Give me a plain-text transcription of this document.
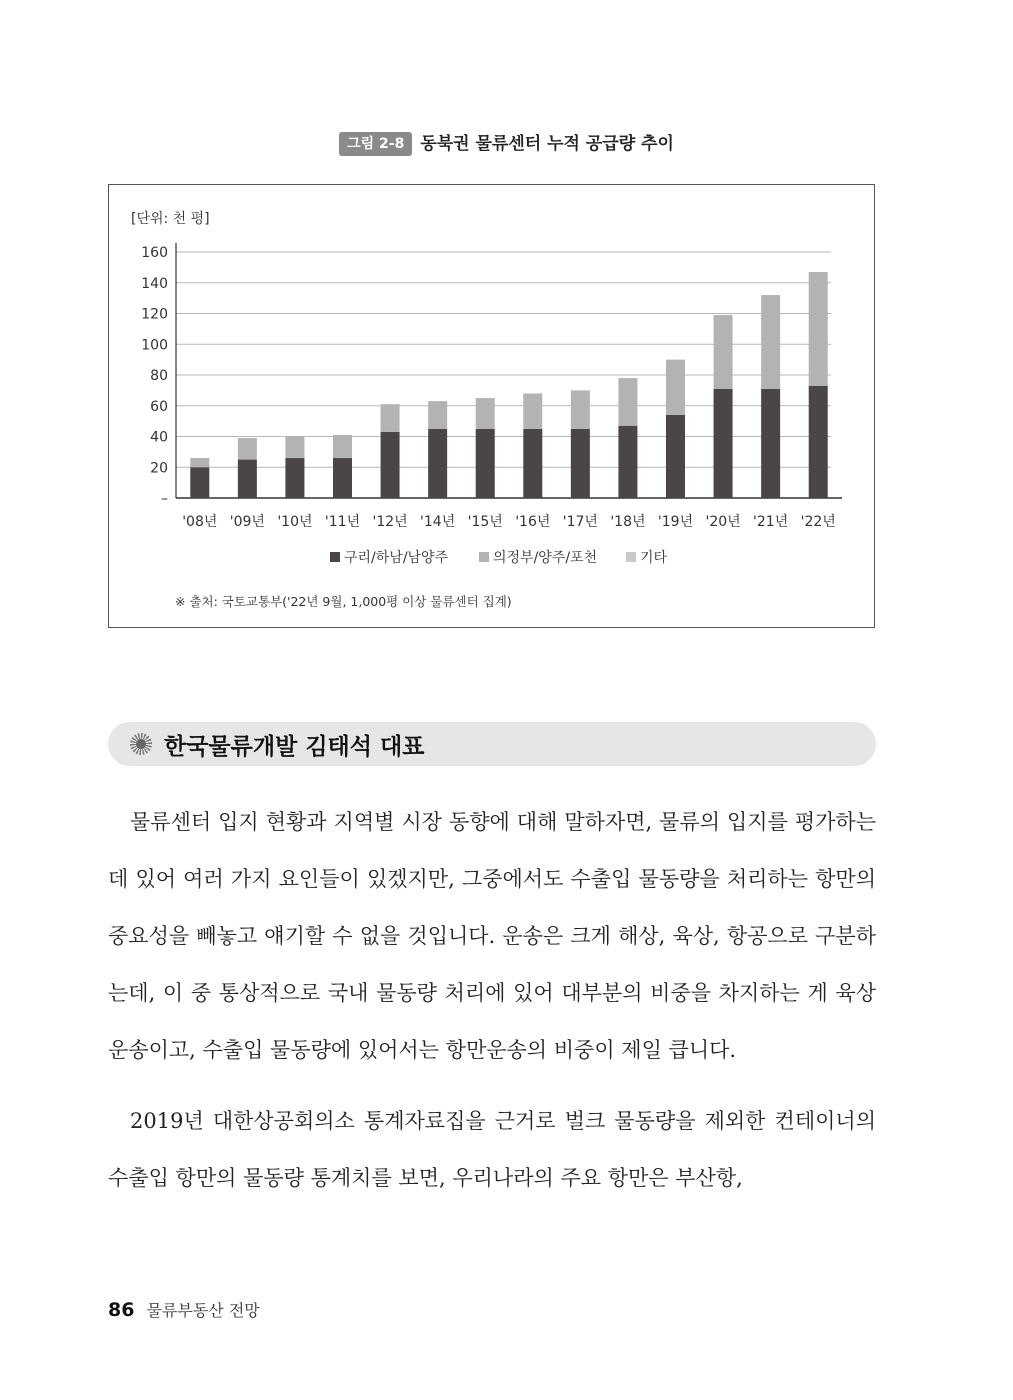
그림 2-8 동북권 물류센터 누적 공급량 추이
[단위: 천 평]
160
140
120
100
80
60
40
20
–
'08년 '09년 '10년 '11년 '12년 '14년 '15년 '16년 '17년 '18년 '19년 '20년 '21년 '22년
구리/하남/남양주	의정부/양주/포천	기타
※ 출처: 국토교통부('22년 9월, 1,000평 이상 물류센터 집계)
한국물류개발 김태석 대표

물류센터 입지 현황과 지역별 시장 동향에 대해 말하자면, 물류의 입지를 평가하는 데 있어 여러 가지 요인들이 있겠지만, 그중에서도 수출입 물동량을 처리하는 항만의 중요성을 빼놓고 얘기할 수 없을 것입니다. 운송은 크게 해상, 육상, 항공으로 구분하는데, 이 중 통상적으로 국내 물동량 처리에 있어 대부분의 비중을 차지하는 게 육상운송이고, 수출입 물동량에 있어서는 항만운송의 비중이 제일 큽니다.

2019년 대한상공회의소 통계자료집을 근거로 벌크 물동량을 제외한 컨테이너의 수출입 항만의 물동량 통계치를 보면, 우리나라의 주요 항만은 부산항,

86 물류부동산 전망
